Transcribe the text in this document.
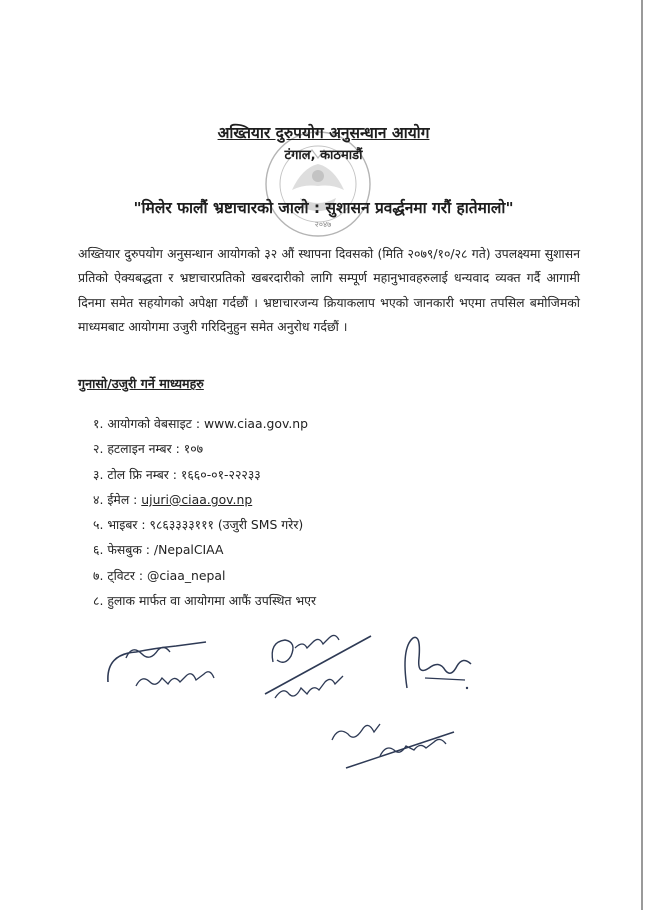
अख्तियार दुरुपयोग अनुसन्धान आयोग
टंगाल, काठमाडौं
"मिलेर फालौं भ्रष्टाचारको जालो : सुशासन प्रवर्द्धनमा गरौं हातेमालो"
२०४७
अख्तियार दुरुपयोग अनुसन्धान आयोगको ३२ औं स्थापना दिवसको (मिति २०७९/१०/२८ गते) उपलक्ष्यमा सुशासन प्रतिको ऐक्यबद्धता र भ्रष्टाचारप्रतिको खबरदारीको लागि सम्पूर्ण महानुभावहरुलाई धन्यवाद व्यक्त गर्दै आगामी दिनमा समेत सहयोगको अपेक्षा गर्दछौं । भ्रष्टाचारजन्य क्रियाकलाप भएको जानकारी भएमा तपसिल बमोजिमको माध्यमबाट आयोगमा उजुरी गरिदिनुहुन समेत अनुरोध गर्दछौं ।
गुनासो/उजुरी गर्ने माध्यमहरु
१. आयोगको वेबसाइट : www.ciaa.gov.np
२. हटलाइन नम्बर : १०७
३. टोल फ्रि नम्बर : १६६०-०१-२२२३३
४. ईमेल : ujuri@ciaa.gov.np
५. भाइबर : ९८६३३३३१११ (उजुरी SMS गरेर)
६. फेसबुक : /NepalCIAA
७. ट्विटर : @ciaa_nepal
८. हुलाक मार्फत वा आयोगमा आफैं उपस्थित भएर
